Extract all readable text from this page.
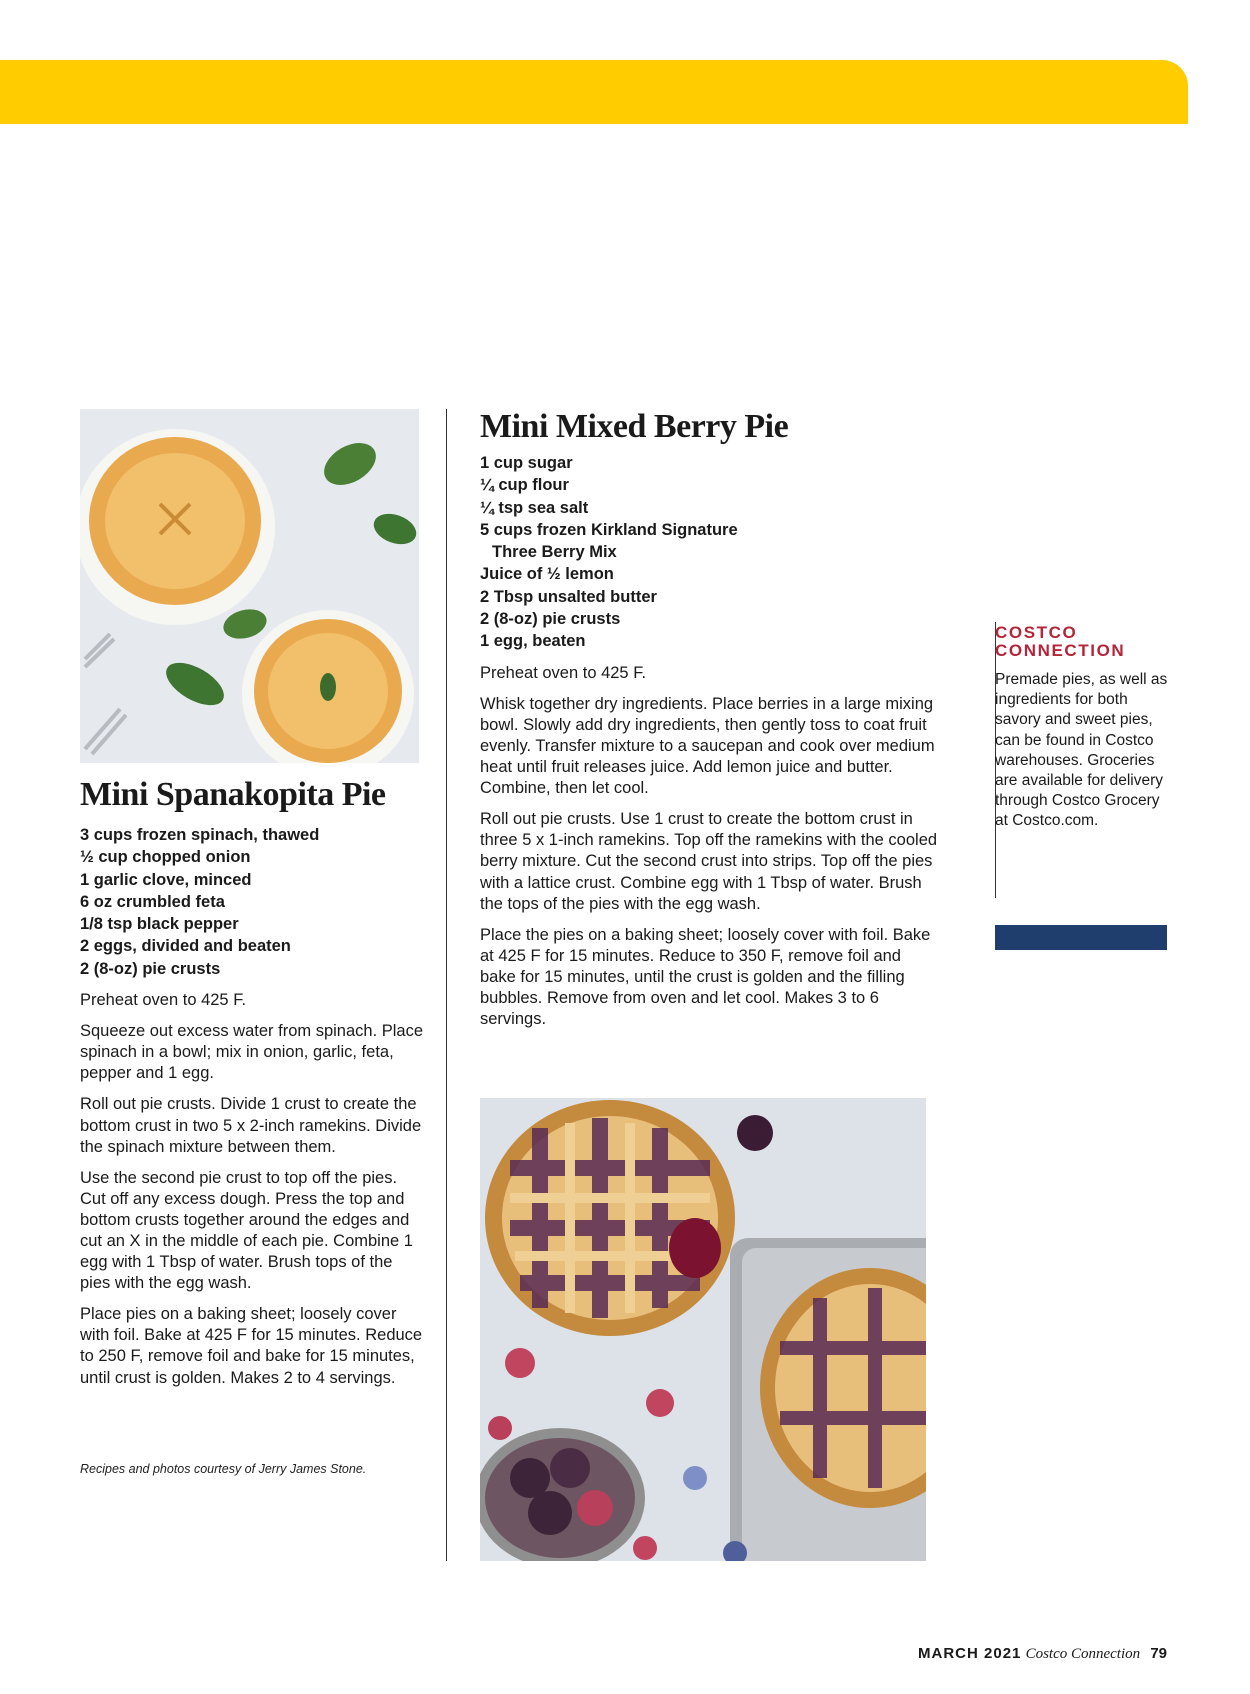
Mini Spanakopita Pie
3 cups frozen spinach, thawed
½ cup chopped onion
1 garlic clove, minced
6 oz crumbled feta
1/8 tsp black pepper
2 eggs, divided and beaten
2 (8-oz) pie crusts

Preheat oven to 425 F.

Squeeze out excess water from spinach. Place spinach in a bowl; mix in onion, garlic, feta, pepper and 1 egg.

Roll out pie crusts. Divide 1 crust to create the bottom crust in two 5 x 2-inch ramekins. Divide the spinach mixture between them.

Use the second pie crust to top off the pies. Cut off any excess dough. Press the top and bottom crusts together around the edges and cut an X in the middle of each pie. Combine 1 egg with 1 Tbsp of water. Brush tops of the pies with the egg wash.

Place pies on a baking sheet; loosely cover with foil. Bake at 425 F for 15 minutes. Reduce to 250 F, remove foil and bake for 15 minutes, until crust is golden. Makes 2 to 4 servings.

Recipes and photos courtesy of Jerry James Stone.
Mini Mixed Berry Pie
1 cup sugar
¼ cup flour
¼ tsp sea salt
5 cups frozen Kirkland Signature
Three Berry Mix
Juice of ½ lemon
2 Tbsp unsalted butter
2 (8-oz) pie crusts
1 egg, beaten

Preheat oven to 425 F.

Whisk together dry ingredients. Place berries in a large mixing bowl. Slowly add dry ingredients, then gently toss to coat fruit evenly. Transfer mixture to a saucepan and cook over medium heat until fruit releases juice. Add lemon juice and butter. Combine, then let cool.

Roll out pie crusts. Use 1 crust to create the bottom crust in three 5 x 1-inch ramekins. Top off the ramekins with the cooled berry mixture. Cut the second crust into strips. Top off the pies with a lattice crust. Combine egg with 1 Tbsp of water. Brush the tops of the pies with the egg wash.

Place the pies on a baking sheet; loosely cover with foil. Bake at 425 F for 15 minutes. Reduce to 350 F, remove foil and bake for 15 minutes, until the crust is golden and the filling bubbles. Remove from oven and let cool. Makes 3 to 6 servings.

COSTCO
CONNECTION

Premade pies, as well as ingredients for both savory and sweet pies, can be found in Costco warehouses. Groceries are available for delivery through Costco Grocery at Costco.com.

MARCH 2021 Costco Connection 79
